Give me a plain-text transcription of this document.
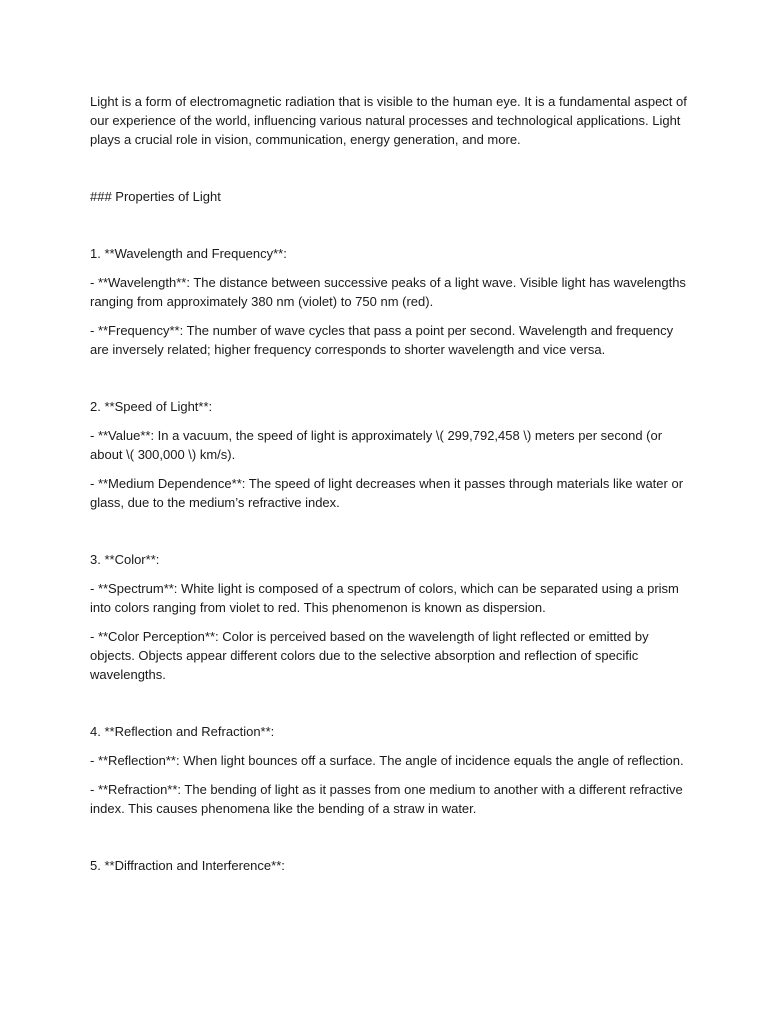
Light is a form of electromagnetic radiation that is visible to the human eye. It is a fundamental aspect of our experience of the world, influencing various natural processes and technological applications. Light plays a crucial role in vision, communication, energy generation, and more.

### Properties of Light

1. **Wavelength and Frequency**:

- **Wavelength**: The distance between successive peaks of a light wave. Visible light has wavelengths ranging from approximately 380 nm (violet) to 750 nm (red).

- **Frequency**: The number of wave cycles that pass a point per second. Wavelength and frequency are inversely related; higher frequency corresponds to shorter wavelength and vice versa.

2. **Speed of Light**:

- **Value**: In a vacuum, the speed of light is approximately \( 299,792,458 \) meters per second (or about \( 300,000 \) km/s).

- **Medium Dependence**: The speed of light decreases when it passes through materials like water or glass, due to the medium’s refractive index.

3. **Color**:

- **Spectrum**: White light is composed of a spectrum of colors, which can be separated using a prism into colors ranging from violet to red. This phenomenon is known as dispersion.

- **Color Perception**: Color is perceived based on the wavelength of light reflected or emitted by objects. Objects appear different colors due to the selective absorption and reflection of specific wavelengths.

4. **Reflection and Refraction**:

- **Reflection**: When light bounces off a surface. The angle of incidence equals the angle of reflection.

- **Refraction**: The bending of light as it passes from one medium to another with a different refractive index. This causes phenomena like the bending of a straw in water.

5. **Diffraction and Interference**:
